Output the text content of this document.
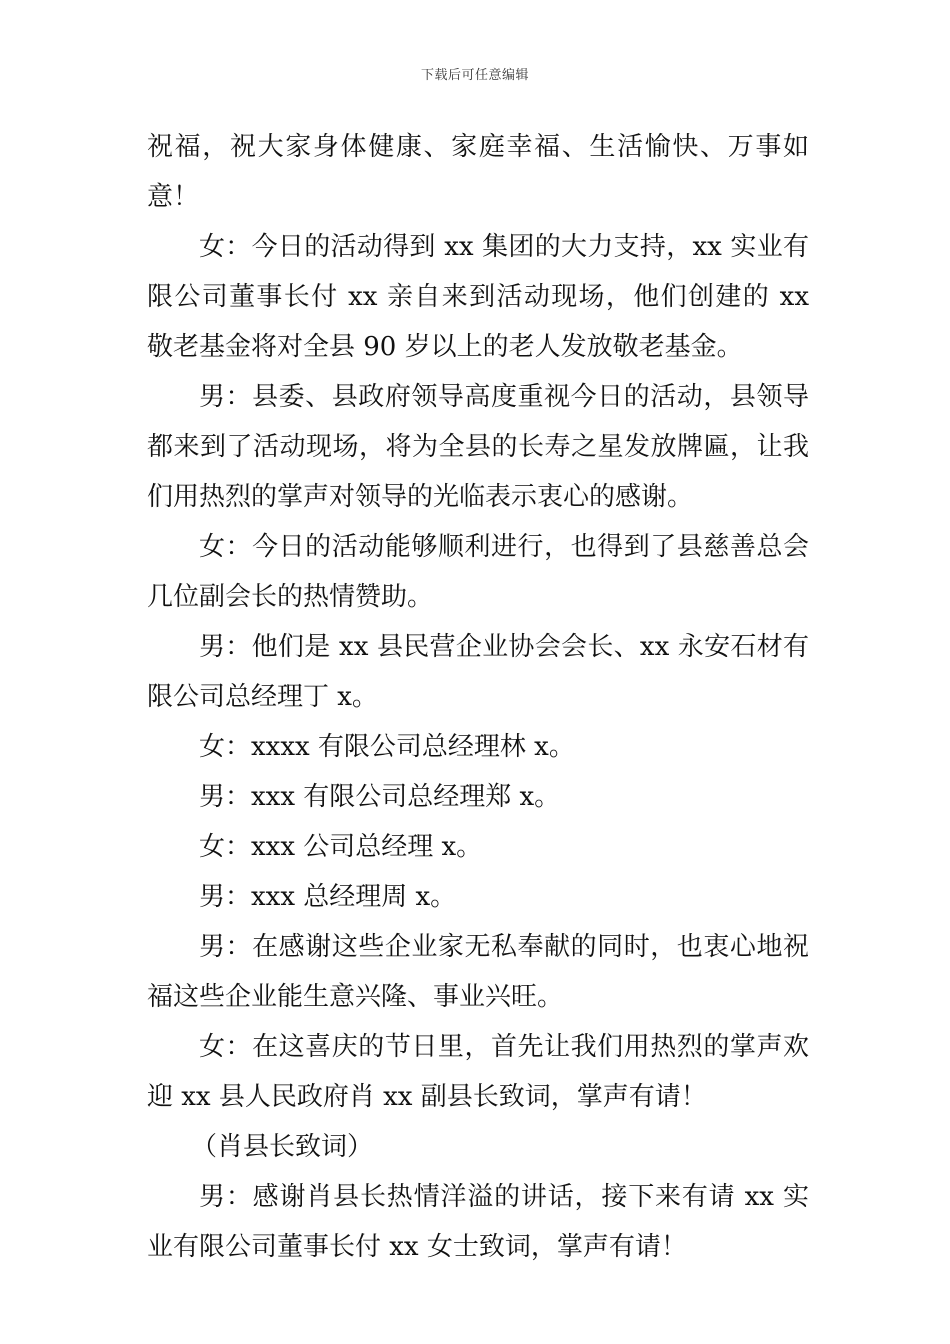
下载后可任意编辑

祝福，祝大家身体健康、家庭幸福、生活愉快、万事如意！

女：今日的活动得到 xx 集团的大力支持，xx 实业有限公司董事长付 xx 亲自来到活动现场，他们创建的 xx 敬老基金将对全县 90 岁以上的老人发放敬老基金。

男：县委、县政府领导高度重视今日的活动，县领导都来到了活动现场，将为全县的长寿之星发放牌匾，让我们用热烈的掌声对领导的光临表示衷心的感谢。

女：今日的活动能够顺利进行，也得到了县慈善总会几位副会长的热情赞助。

男：他们是 xx 县民营企业协会会长、xx 永安石材有限公司总经理丁 x。

女：xxxx 有限公司总经理林 x。

男：xxx 有限公司总经理郑 x。

女：xxx 公司总经理 x。

男：xxx 总经理周 x。

男：在感谢这些企业家无私奉献的同时，也衷心地祝福这些企业能生意兴隆、事业兴旺。

女：在这喜庆的节日里，首先让我们用热烈的掌声欢迎 xx 县人民政府肖 xx 副县长致词，掌声有请！

（肖县长致词）

男：感谢肖县长热情洋溢的讲话，接下来有请 xx 实业有限公司董事长付 xx 女士致词，掌声有请！
